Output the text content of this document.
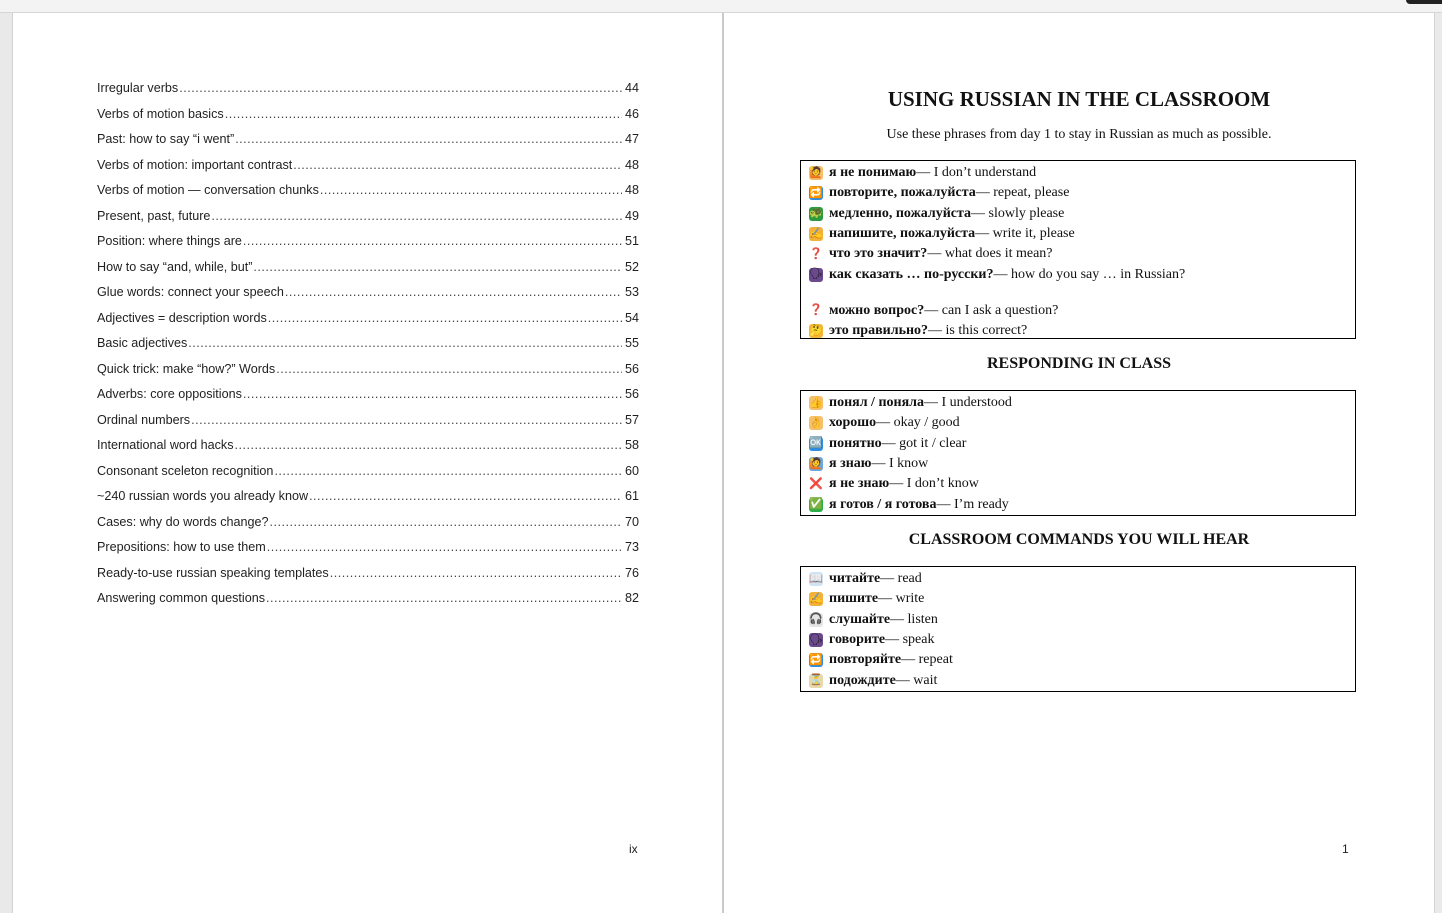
Irregular verbs .....	44
Verbs of motion basics .....	46
Past: how to say “i went” .....	47
Verbs of motion: important contrast .....	48
Verbs of motion — conversation chunks .....	48
Present, past, future .....	49
Position: where things are .....	51
How to say “and, while, but” .....	52
Glue words: connect your speech .....	53
Adjectives = description words .....	54
Basic adjectives .....	55
Quick trick: make “how?” Words .....	56
Adverbs: core oppositions .....	56
Ordinal numbers .....	57
International word hacks .....	58
Consonant sceleton recognition .....	60
~240 russian words you already know .....	61
Cases: why do words change? .....	70
Prepositions: how to use them .....	73
Ready-to-use russian speaking templates .....	76
Answering common questions .....	82
ix
USING RUSSIAN IN THE CLASSROOM
Use these phrases from day 1 to stay in Russian as much as possible.
🙋 я не понимаю — I don’t understand
🔁 повторите, пожалуйста — repeat, please
🐢 медленно, пожалуйста — slowly please
✍ напишите, пожалуйста — write it, please
❓ что это значит? — what does it mean?
🗣 как сказать … по-русски? — how do you say … in Russian?
❓ можно вопрос? — can I ask a question?
🤔 это правильно? — is this correct?
RESPONDING IN CLASS
👍 понял / поняла — I understood
👌 хорошо — okay / good
🆗 понятно — got it / clear
🙋 я знаю — I know
❌ я не знаю — I don’t know
✅ я готов / я готова — I’m ready
CLASSROOM COMMANDS YOU WILL HEAR
📖 читайте — read
✍ пишите — write
🎧 слушайте — listen
🗣 говорите — speak
🔁 повторяйте — repeat
⏳ подождите — wait
1
